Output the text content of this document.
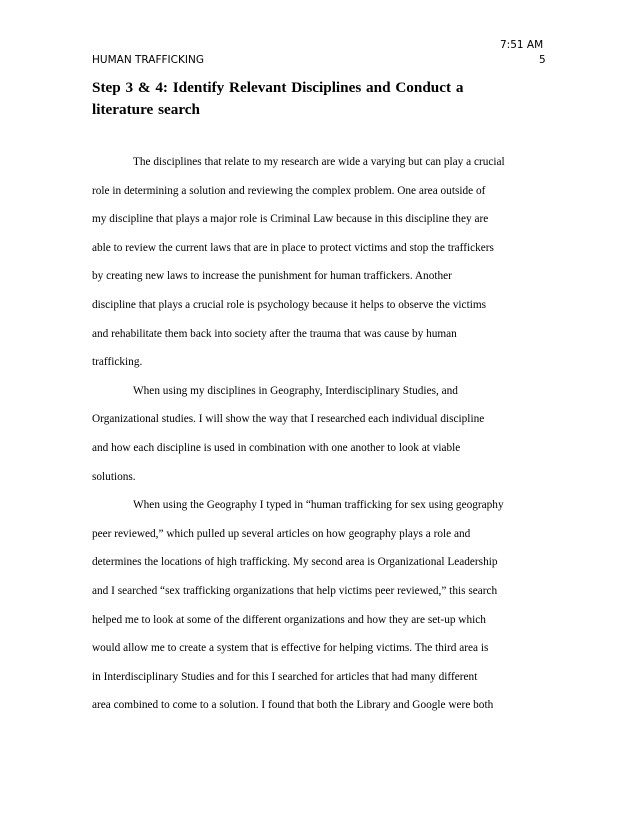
7:51 AM
HUMAN TRAFFICKING	5
Step 3 & 4: Identify Relevant Disciplines and Conduct a
literature search
The disciplines that relate to my research are wide a varying but can play a crucial
role in determining a solution and reviewing the complex problem. One area outside of
my discipline that plays a major role is Criminal Law because in this discipline they are
able to review the current laws that are in place to protect victims and stop the traffickers
by creating new laws to increase the punishment for human traffickers. Another
discipline that plays a crucial role is psychology because it helps to observe the victims
and rehabilitate them back into society after the trauma that was cause by human
trafficking.
When using my disciplines in Geography, Interdisciplinary Studies, and
Organizational studies. I will show the way that I researched each individual discipline
and how each discipline is used in combination with one another to look at viable
solutions.
When using the Geography I typed in “human trafficking for sex using geography
peer reviewed,” which pulled up several articles on how geography plays a role and
determines the locations of high trafficking. My second area is Organizational Leadership
and I searched “sex trafficking organizations that help victims peer reviewed,” this search
helped me to look at some of the different organizations and how they are set-up which
would allow me to create a system that is effective for helping victims. The third area is
in Interdisciplinary Studies and for this I searched for articles that had many different
area combined to come to a solution. I found that both the Library and Google were both
